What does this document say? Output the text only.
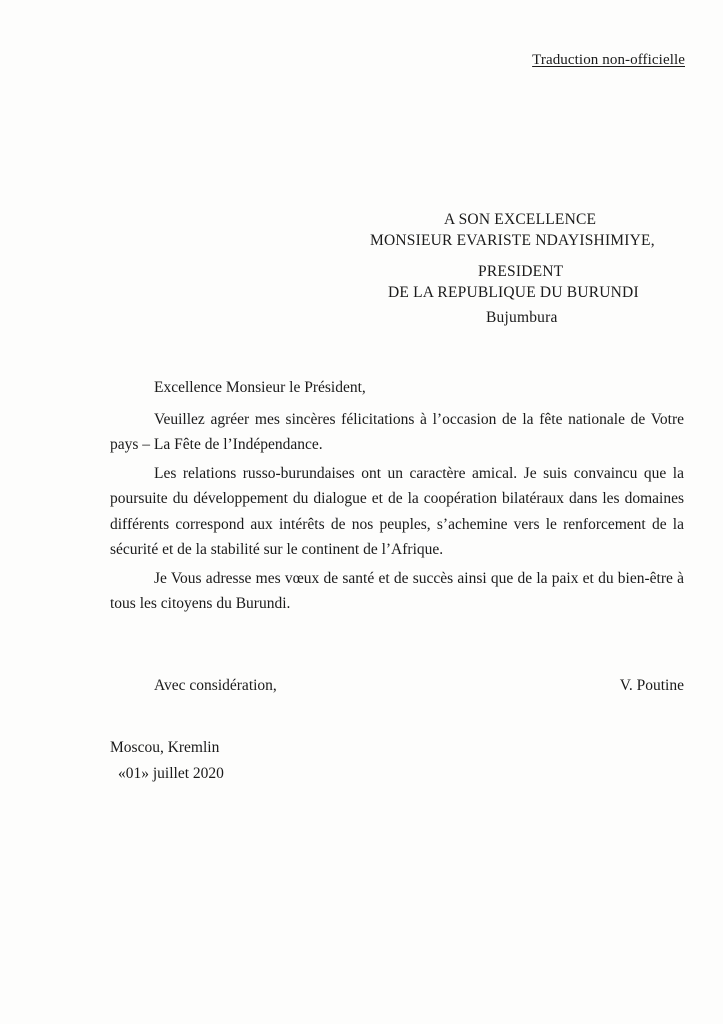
Traduction non-officielle
A SON EXCELLENCE
MONSIEUR EVARISTE NDAYISHIMIYE,
PRESIDENT
DE LA REPUBLIQUE DU BURUNDI
Bujumbura

Excellence Monsieur le Président,

Veuillez agréer mes sincères félicitations à l’occasion de la fête nationale de Votre pays – La Fête de l’Indépendance.

Les relations russo-burundaises ont un caractère amical. Je suis convaincu que la poursuite du développement du dialogue et de la coopération bilatéraux dans les domaines différents correspond aux intérêts de nos peuples, s’achemine vers le renforcement de la sécurité et de la stabilité sur le continent de l’Afrique.

Je Vous adresse mes vœux de santé et de succès ainsi que de la paix et du bien-être à tous les citoyens du Burundi.

Avec considération,	V. Poutine
Moscou, Kremlin
«01» juillet 2020
